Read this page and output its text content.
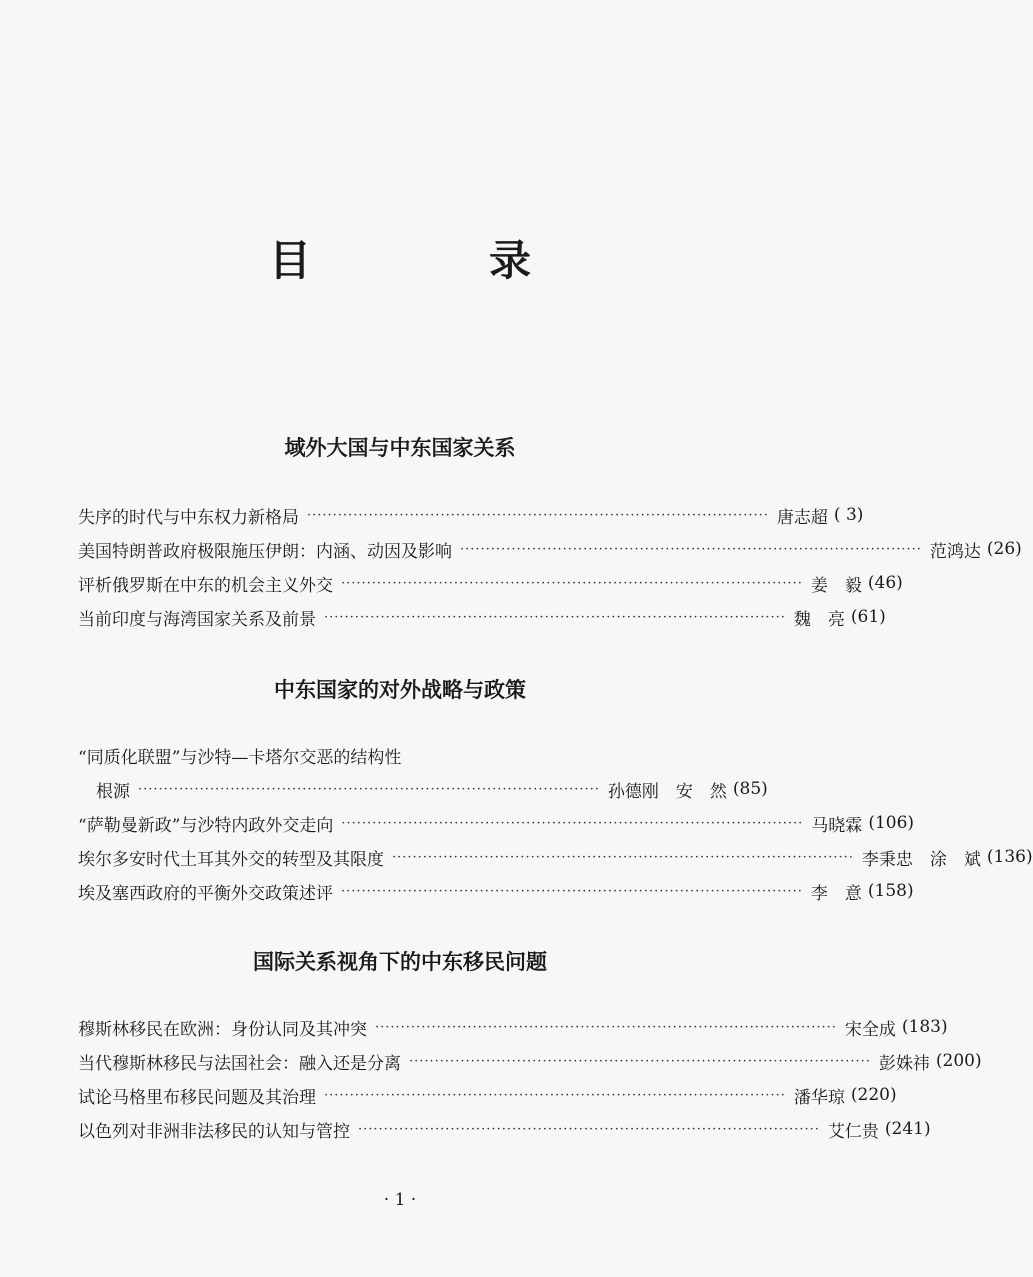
目　录
域外大国与中东国家关系
失序的时代与中东权力新格局 ·························································································· 唐志超 ( 3)
美国特朗普政府极限施压伊朗：内涵、动因及影响 ·························································································· 范鸿达 (26)
评析俄罗斯在中东的机会主义外交 ·························································································· 姜　毅 (46)
当前印度与海湾国家关系及前景 ·························································································· 魏　亮 (61)
中东国家的对外战略与政策
“同质化联盟”与沙特—卡塔尔交恶的结构性
根源 ·························································································· 孙德刚　安　然 (85)
“萨勒曼新政”与沙特内政外交走向 ·························································································· 马晓霖 (106)
埃尔多安时代土耳其外交的转型及其限度 ·························································································· 李秉忠　涂　斌 (136)
埃及塞西政府的平衡外交政策述评 ·························································································· 李　意 (158)
国际关系视角下的中东移民问题
穆斯林移民在欧洲：身份认同及其冲突 ·························································································· 宋全成 (183)
当代穆斯林移民与法国社会：融入还是分离 ·························································································· 彭姝祎 (200)
试论马格里布移民问题及其治理 ·························································································· 潘华琼 (220)
以色列对非洲非法移民的认知与管控 ·························································································· 艾仁贵 (241)
· 1 ·
